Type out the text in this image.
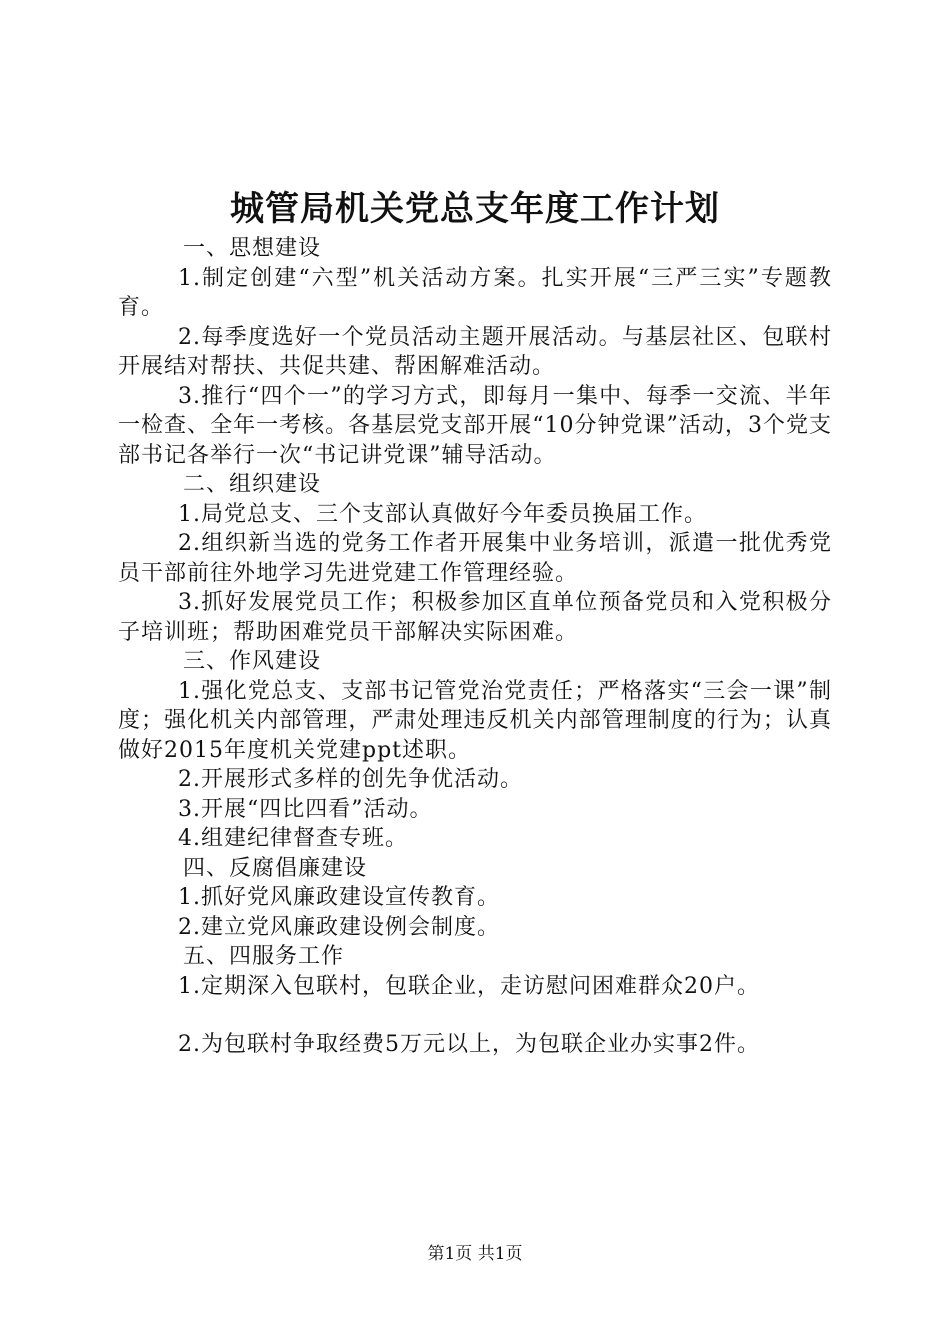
城管局机关党总支年度工作计划

一、思想建设

1.制定创建“六型”机关活动方案。扎实开展“三严三实”专题教育。

2.每季度选好一个党员活动主题开展活动。与基层社区、包联村开展结对帮扶、共促共建、帮困解难活动。

3.推行“四个一”的学习方式，即每月一集中、每季一交流、半年一检查、全年一考核。各基层党支部开展“10分钟党课”活动，3个党支部书记各举行一次“书记讲党课”辅导活动。

二、组织建设

1.局党总支、三个支部认真做好今年委员换届工作。

2.组织新当选的党务工作者开展集中业务培训，派遣一批优秀党员干部前往外地学习先进党建工作管理经验。

3.抓好发展党员工作；积极参加区直单位预备党员和入党积极分子培训班；帮助困难党员干部解决实际困难。

三、作风建设

1.强化党总支、支部书记管党治党责任；严格落实“三会一课”制度；强化机关内部管理，严肃处理违反机关内部管理制度的行为；认真做好2015年度机关党建ppt述职。

2.开展形式多样的创先争优活动。

3.开展“四比四看”活动。

4.组建纪律督查专班。

四、反腐倡廉建设

1.抓好党风廉政建设宣传教育。

2.建立党风廉政建设例会制度。

五、四服务工作

1.定期深入包联村，包联企业，走访慰问困难群众20户。

2.为包联村争取经费5万元以上，为包联企业办实事2件。

第1页 共1页
